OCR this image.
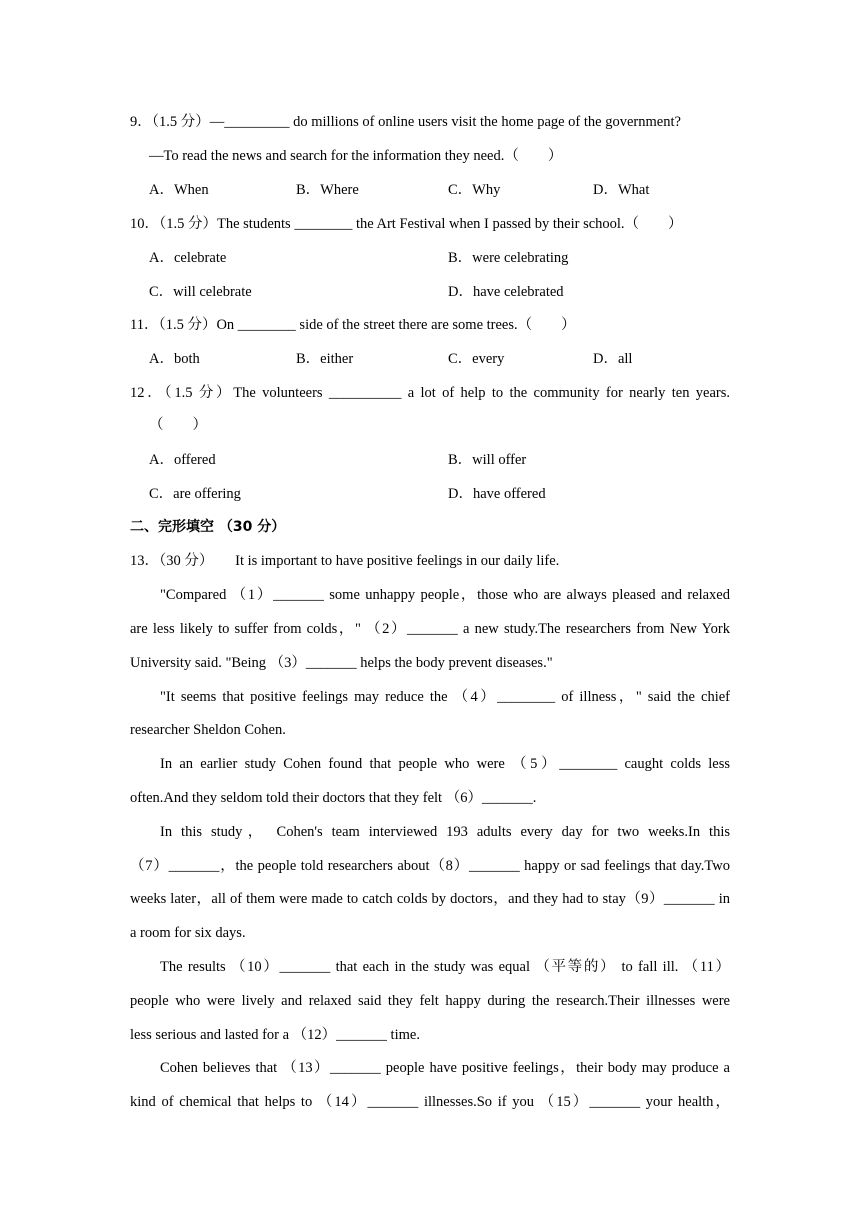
9．（1.5 分）—_________ do millions of online users visit the home page of the government?
—To read the news and search for the information they need.（　　）
A．When	B．Where	C．Why	D．What
10．（1.5 分）The students ________ the Art Festival when I passed by their school.（　　）
A．celebrate	B．were celebrating
C．will celebrate	D．have celebrated
11．（1.5 分）On ________ side of the street there are some trees.（　　）
A．both	B．either	C．every	D．all
12．（1.5 分）The volunteers __________ a lot of help to the community for nearly ten years.
（　　）
A．offered	B．will offer
C．are offering	D．have offered
二、完形填空 （30 分）
13．（30 分）　　It is important to have positive feelings in our daily life.
"Compared （1）_______ some unhappy people，those who are always pleased and relaxed
are less likely to suffer from colds，" （2）_______ a new study.The researchers from New York
University said. "Being （3）_______ helps the body prevent diseases."
"It seems that positive feelings may reduce the （4）________ of illness，" said the chief
researcher Sheldon Cohen.
In an earlier study Cohen found that people who were （5）________ caught colds less
often.And they seldom told their doctors that they felt （6）_______.
In this study， Cohen's team interviewed 193 adults every day for two weeks.In this
（7）_______，the people told researchers about（8）_______ happy or sad feelings that day.Two
weeks later，all of them were made to catch colds by doctors，and they had to stay（9）_______ in
a room for six days.
The results （10）_______ that each in the study was equal （平等的） to fall ill. （11）
people who were lively and relaxed said they felt happy during the research.Their illnesses were
less serious and lasted for a （12）_______ time.
Cohen believes that （13）_______ people have positive feelings，their body may produce a
kind of chemical that helps to （14）_______ illnesses.So if you （15）_______ your health，
